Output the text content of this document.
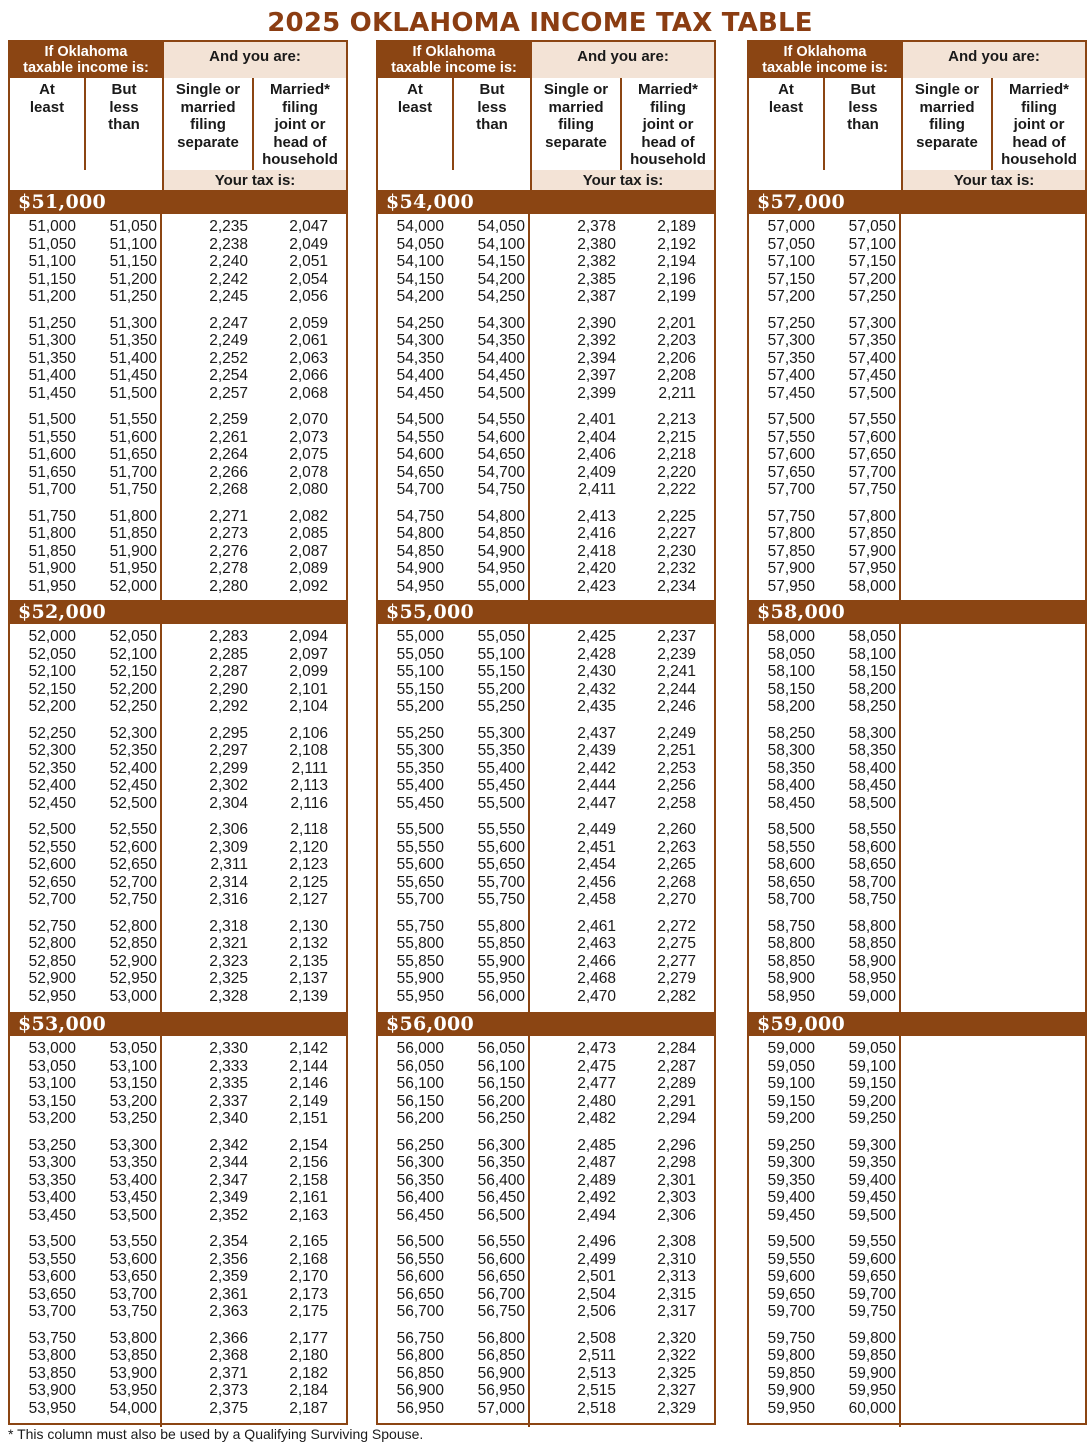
2025 OKLAHOMA INCOME TAX TABLE
If Oklahoma
taxable income is:
And you are:
At
least
But
less
than
Single or
married
filing
separate
Married*
filing
joint or
head of
household
Your tax is:
$51,000
51,000	51,050	2,235	2,047
51,050	51,100	2,238	2,049
51,100	51,150	2,240	2,051
51,150	51,200	2,242	2,054
51,200	51,250	2,245	2,056
51,250	51,300	2,247	2,059
51,300	51,350	2,249	2,061
51,350	51,400	2,252	2,063
51,400	51,450	2,254	2,066
51,450	51,500	2,257	2,068
51,500	51,550	2,259	2,070
51,550	51,600	2,261	2,073
51,600	51,650	2,264	2,075
51,650	51,700	2,266	2,078
51,700	51,750	2,268	2,080
51,750	51,800	2,271	2,082
51,800	51,850	2,273	2,085
51,850	51,900	2,276	2,087
51,900	51,950	2,278	2,089
51,950	52,000	2,280	2,092
$52,000
52,000	52,050	2,283	2,094
52,050	52,100	2,285	2,097
52,100	52,150	2,287	2,099
52,150	52,200	2,290	2,101
52,200	52,250	2,292	2,104
52,250	52,300	2,295	2,106
52,300	52,350	2,297	2,108
52,350	52,400	2,299	2,111
52,400	52,450	2,302	2,113
52,450	52,500	2,304	2,116
52,500	52,550	2,306	2,118
52,550	52,600	2,309	2,120
52,600	52,650	2,311	2,123
52,650	52,700	2,314	2,125
52,700	52,750	2,316	2,127
52,750	52,800	2,318	2,130
52,800	52,850	2,321	2,132
52,850	52,900	2,323	2,135
52,900	52,950	2,325	2,137
52,950	53,000	2,328	2,139
$53,000
53,000	53,050	2,330	2,142
53,050	53,100	2,333	2,144
53,100	53,150	2,335	2,146
53,150	53,200	2,337	2,149
53,200	53,250	2,340	2,151
53,250	53,300	2,342	2,154
53,300	53,350	2,344	2,156
53,350	53,400	2,347	2,158
53,400	53,450	2,349	2,161
53,450	53,500	2,352	2,163
53,500	53,550	2,354	2,165
53,550	53,600	2,356	2,168
53,600	53,650	2,359	2,170
53,650	53,700	2,361	2,173
53,700	53,750	2,363	2,175
53,750	53,800	2,366	2,177
53,800	53,850	2,368	2,180
53,850	53,900	2,371	2,182
53,900	53,950	2,373	2,184
53,950	54,000	2,375	2,187
If Oklahoma
taxable income is:
And you are:
At
least
But
less
than
Single or
married
filing
separate
Married*
filing
joint or
head of
household
Your tax is:
$54,000
54,000	54,050	2,378	2,189
54,050	54,100	2,380	2,192
54,100	54,150	2,382	2,194
54,150	54,200	2,385	2,196
54,200	54,250	2,387	2,199
54,250	54,300	2,390	2,201
54,300	54,350	2,392	2,203
54,350	54,400	2,394	2,206
54,400	54,450	2,397	2,208
54,450	54,500	2,399	2,211
54,500	54,550	2,401	2,213
54,550	54,600	2,404	2,215
54,600	54,650	2,406	2,218
54,650	54,700	2,409	2,220
54,700	54,750	2,411	2,222
54,750	54,800	2,413	2,225
54,800	54,850	2,416	2,227
54,850	54,900	2,418	2,230
54,900	54,950	2,420	2,232
54,950	55,000	2,423	2,234
$55,000
55,000	55,050	2,425	2,237
55,050	55,100	2,428	2,239
55,100	55,150	2,430	2,241
55,150	55,200	2,432	2,244
55,200	55,250	2,435	2,246
55,250	55,300	2,437	2,249
55,300	55,350	2,439	2,251
55,350	55,400	2,442	2,253
55,400	55,450	2,444	2,256
55,450	55,500	2,447	2,258
55,500	55,550	2,449	2,260
55,550	55,600	2,451	2,263
55,600	55,650	2,454	2,265
55,650	55,700	2,456	2,268
55,700	55,750	2,458	2,270
55,750	55,800	2,461	2,272
55,800	55,850	2,463	2,275
55,850	55,900	2,466	2,277
55,900	55,950	2,468	2,279
55,950	56,000	2,470	2,282
$56,000
56,000	56,050	2,473	2,284
56,050	56,100	2,475	2,287
56,100	56,150	2,477	2,289
56,150	56,200	2,480	2,291
56,200	56,250	2,482	2,294
56,250	56,300	2,485	2,296
56,300	56,350	2,487	2,298
56,350	56,400	2,489	2,301
56,400	56,450	2,492	2,303
56,450	56,500	2,494	2,306
56,500	56,550	2,496	2,308
56,550	56,600	2,499	2,310
56,600	56,650	2,501	2,313
56,650	56,700	2,504	2,315
56,700	56,750	2,506	2,317
56,750	56,800	2,508	2,320
56,800	56,850	2,511	2,322
56,850	56,900	2,513	2,325
56,900	56,950	2,515	2,327
56,950	57,000	2,518	2,329
If Oklahoma
taxable income is:
And you are:
At
least
But
less
than
Single or
married
filing
separate
Married*
filing
joint or
head of
household
Your tax is:
$57,000
57,000	57,050
57,050	57,100
57,100	57,150
57,150	57,200
57,200	57,250
57,250	57,300
57,300	57,350
57,350	57,400
57,400	57,450
57,450	57,500
57,500	57,550
57,550	57,600
57,600	57,650
57,650	57,700
57,700	57,750
57,750	57,800
57,800	57,850
57,850	57,900
57,900	57,950
57,950	58,000
$58,000
58,000	58,050
58,050	58,100
58,100	58,150
58,150	58,200
58,200	58,250
58,250	58,300
58,300	58,350
58,350	58,400
58,400	58,450
58,450	58,500
58,500	58,550
58,550	58,600
58,600	58,650
58,650	58,700
58,700	58,750
58,750	58,800
58,800	58,850
58,850	58,900
58,900	58,950
58,950	59,000
$59,000
59,000	59,050
59,050	59,100
59,100	59,150
59,150	59,200
59,200	59,250
59,250	59,300
59,300	59,350
59,350	59,400
59,400	59,450
59,450	59,500
59,500	59,550
59,550	59,600
59,600	59,650
59,650	59,700
59,700	59,750
59,750	59,800
59,800	59,850
59,850	59,900
59,900	59,950
59,950	60,000
* This column must also be used by a Qualifying Surviving Spouse.
